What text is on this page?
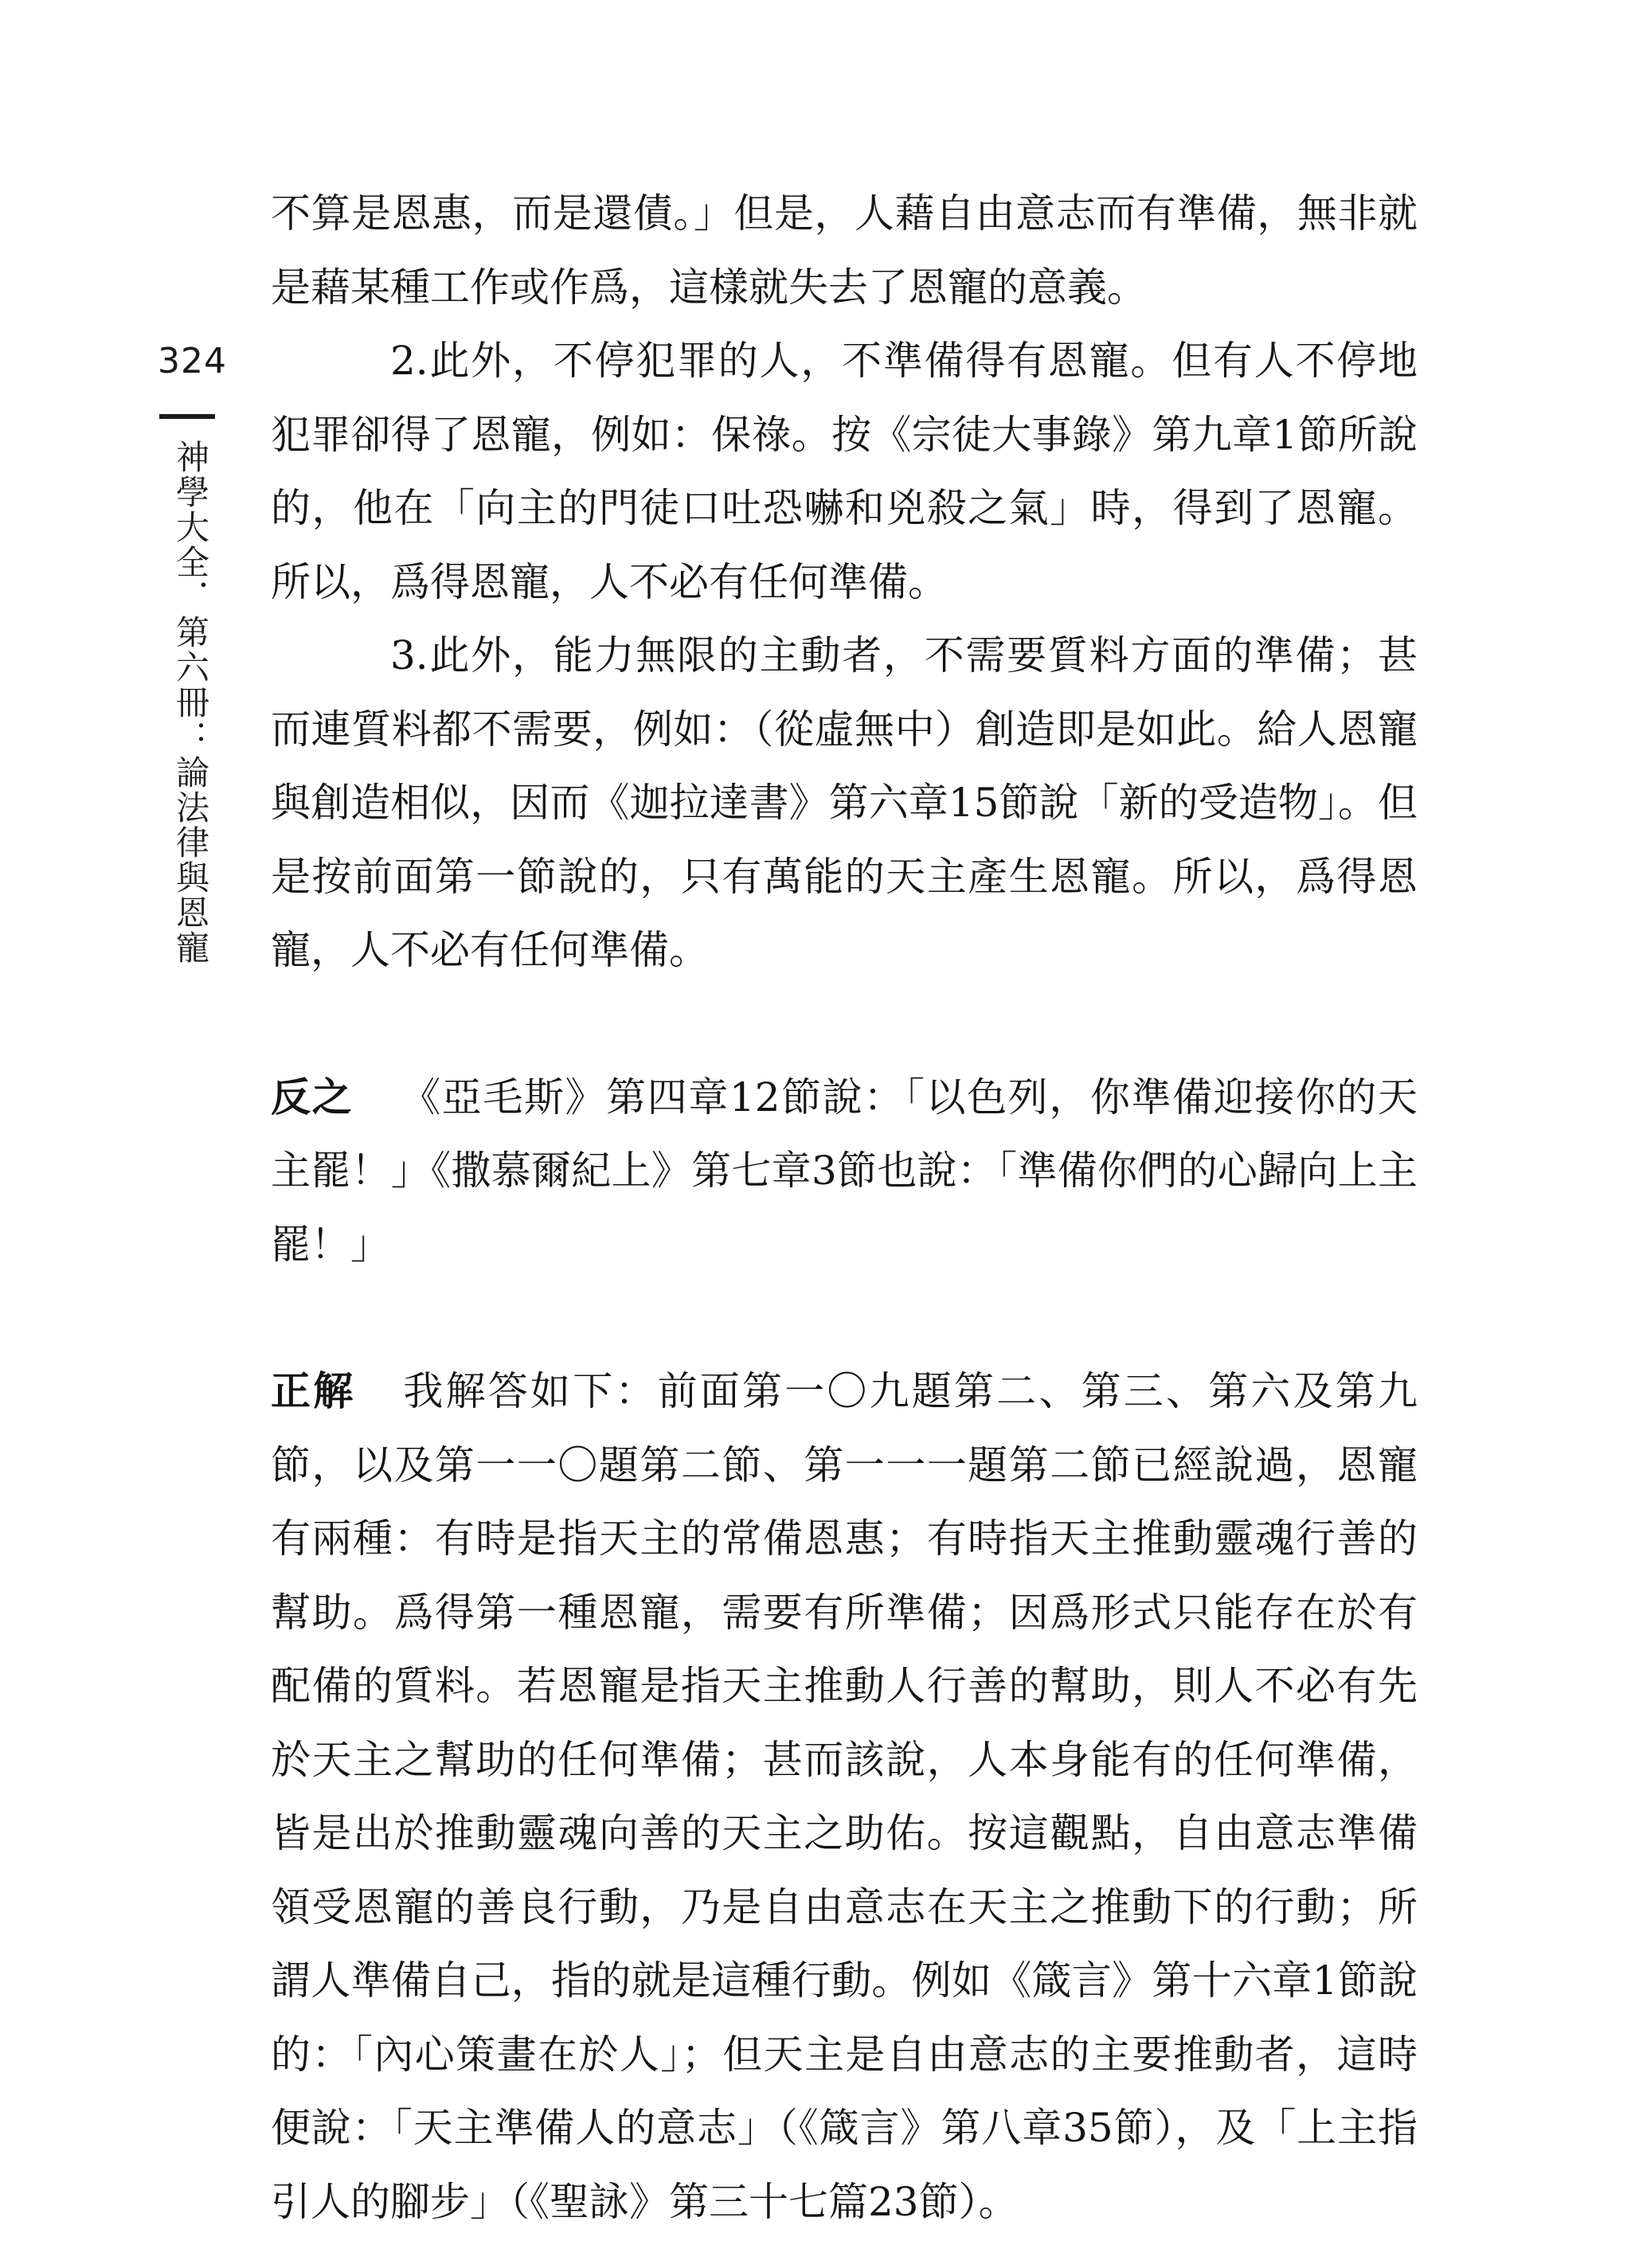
324
神學大全．第六冊：論法律與恩寵

不算是恩惠，而是還債。」但是，人藉自由意志而有準備，無非就是藉某種工作或作爲，這樣就失去了恩寵的意義。

2.此外，不停犯罪的人，不準備得有恩寵。但有人不停地犯罪卻得了恩寵，例如：保祿。按《宗徒大事錄》第九章1節所說的，他在「向主的門徒口吐恐嚇和兇殺之氣」時，得到了恩寵。所以，爲得恩寵，人不必有任何準備。

3.此外，能力無限的主動者，不需要質料方面的準備；甚而連質料都不需要，例如：（從虛無中）創造即是如此。給人恩寵與創造相似，因而《迦拉達書》第六章15節說「新的受造物」。但是按前面第一節說的，只有萬能的天主產生恩寵。所以，爲得恩寵，人不必有任何準備。

反之 《亞毛斯》第四章12節說：「以色列，你準備迎接你的天主罷！」《撒慕爾紀上》第七章3節也說：「準備你們的心歸向上主罷！」

正解 我解答如下：前面第一〇九題第二、第三、第六及第九節，以及第一一〇題第二節、第一一一題第二節已經說過，恩寵有兩種：有時是指天主的常備恩惠；有時指天主推動靈魂行善的幫助。爲得第一種恩寵，需要有所準備；因爲形式只能存在於有配備的質料。若恩寵是指天主推動人行善的幫助，則人不必有先於天主之幫助的任何準備；甚而該說，人本身能有的任何準備，皆是出於推動靈魂向善的天主之助佑。按這觀點，自由意志準備領受恩寵的善良行動，乃是自由意志在天主之推動下的行動；所謂人準備自己，指的就是這種行動。例如《箴言》第十六章1節說的：「內心策畫在於人」；但天主是自由意志的主要推動者，這時便說：「天主準備人的意志」（《箴言》第八章35節），及「上主指引人的腳步」（《聖詠》第三十七篇23節）。
